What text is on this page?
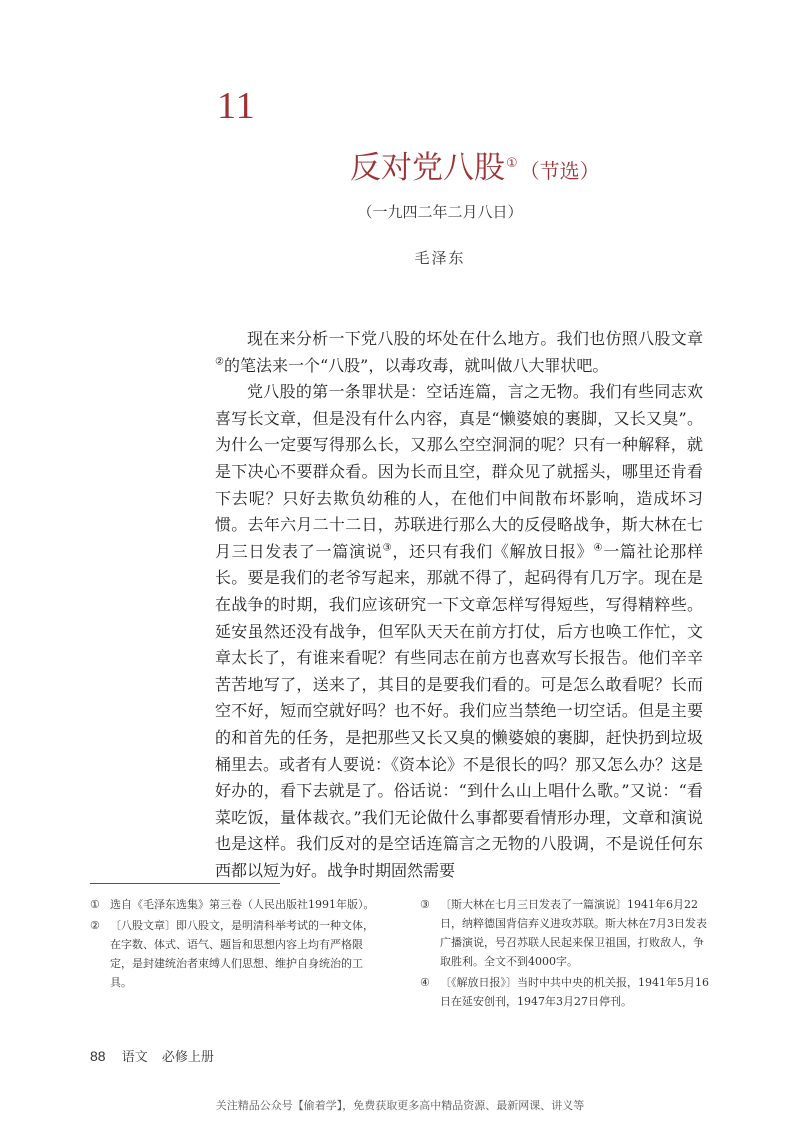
11
反对党八股① （节选）
（一九四二年二月八日）
毛泽东

现在来分析一下党八股的坏处在什么地方。我们也仿照八股文章②的笔法来一个“八股”，以毒攻毒，就叫做八大罪状吧。

党八股的第一条罪状是：空话连篇，言之无物。我们有些同志欢喜写长文章，但是没有什么内容，真是“懒婆娘的裹脚，又长又臭”。为什么一定要写得那么长，又那么空空洞洞的呢？只有一种解释，就是下决心不要群众看。因为长而且空，群众见了就摇头，哪里还肯看下去呢？只好去欺负幼稚的人，在他们中间散布坏影响，造成坏习惯。去年六月二十二日，苏联进行那么大的反侵略战争，斯大林在七月三日发表了一篇演说③，还只有我们《解放日报》④一篇社论那样长。要是我们的老爷写起来，那就不得了，起码得有几万字。现在是在战争的时期，我们应该研究一下文章怎样写得短些，写得精粹些。延安虽然还没有战争，但军队天天在前方打仗，后方也唤工作忙，文章太长了，有谁来看呢？有些同志在前方也喜欢写长报告。他们辛辛苦苦地写了，送来了，其目的是要我们看的。可是怎么敢看呢？长而空不好，短而空就好吗？也不好。我们应当禁绝一切空话。但是主要的和首先的任务，是把那些又长又臭的懒婆娘的裹脚，赶快扔到垃圾桶里去。或者有人要说：《资本论》不是很长的吗？那又怎么办？这是好办的，看下去就是了。俗话说：“到什么山上唱什么歌。”又说：“看菜吃饭，量体裁衣。”我们无论做什么事都要看情形办理，文章和演说也是这样。我们反对的是空话连篇言之无物的八股调，不是说任何东西都以短为好。战争时期固然需要

① 选自《毛泽东选集》第三卷（人民出版社1991年版）。
② 〔八股文章〕即八股文，是明清科举考试的一种文体，在字数、体式、语气、题旨和思想内容上均有严格限定，是封建统治者束缚人们思想、维护自身统治的工具。
③ 〔斯大林在七月三日发表了一篇演说〕1941年6月22日，纳粹德国背信弃义进攻苏联。斯大林在7月3日发表广播演说，号召苏联人民起来保卫祖国，打败敌人，争取胜利。全文不到4000字。
④ 〔《解放日报》〕当时中共中央的机关报，1941年5月16日在延安创刊，1947年3月27日停刊。
88 语文 必修上册
关注精品公众号【偷着学】，免费获取更多高中精品资源、最新网课、讲义等
